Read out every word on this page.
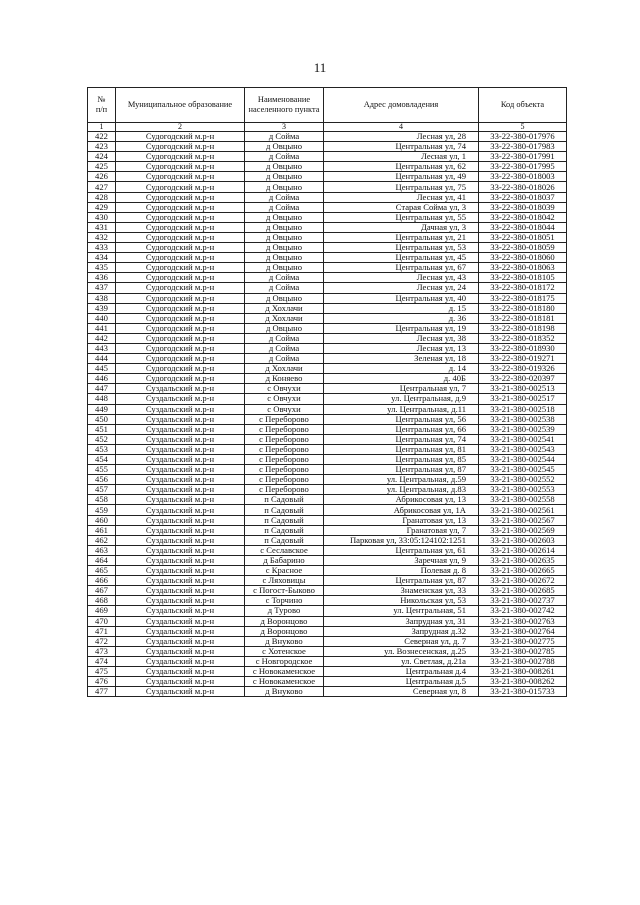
11
№
п/п	Муниципальное образование	Наименование населенного пункта	Адрес домовладения	Код объекта
1	2	3	4	5
422	Судогодский м.р-н	д Сойма	Лесная ул, 28	33-22-380-017976
423	Судогодский м.р-н	д Овцыно	Центральная ул, 74	33-22-380-017983
424	Судогодский м.р-н	д Сойма	Лесная ул, 1	33-22-380-017991
425	Судогодский м.р-н	д Овцыно	Центральная ул, 62	33-22-380-017995
426	Судогодский м.р-н	д Овцыно	Центральная ул, 49	33-22-380-018003
427	Судогодский м.р-н	д Овцыно	Центральная ул, 75	33-22-380-018026
428	Судогодский м.р-н	д Сойма	Лесная ул, 41	33-22-380-018037
429	Судогодский м.р-н	д Сойма	Старая Сойма ул, 3	33-22-380-018039
430	Судогодский м.р-н	д Овцыно	Центральная ул, 55	33-22-380-018042
431	Судогодский м.р-н	д Овцыно	Дачная ул, 3	33-22-380-018044
432	Судогодский м.р-н	д Овцыно	Центральная ул, 21	33-22-380-018051
433	Судогодский м.р-н	д Овцыно	Центральная ул, 53	33-22-380-018059
434	Судогодский м.р-н	д Овцыно	Центральная ул, 45	33-22-380-018060
435	Судогодский м.р-н	д Овцыно	Центральная ул, 67	33-22-380-018063
436	Судогодский м.р-н	д Сойма	Лесная ул, 43	33-22-380-018105
437	Судогодский м.р-н	д Сойма	Лесная ул, 24	33-22-380-018172
438	Судогодский м.р-н	д Овцыно	Центральная ул, 40	33-22-380-018175
439	Судогодский м.р-н	д Хохлачи	д. 15	33-22-380-018180
440	Судогодский м.р-н	д Хохлачи	д. 36	33-22-380-018181
441	Судогодский м.р-н	д Овцыно	Центральная ул, 19	33-22-380-018198
442	Судогодский м.р-н	д Сойма	Лесная ул, 38	33-22-380-018352
443	Судогодский м.р-н	д Сойма	Лесная ул, 13	33-22-380-018930
444	Судогодский м.р-н	д Сойма	Зеленая ул, 18	33-22-380-019271
445	Судогодский м.р-н	д Хохлачи	д. 14	33-22-380-019326
446	Судогодский м.р-н	д Коняево	д. 40Б	33-22-380-020397
447	Суздальский м.р-н	с Овчухи	Центральная ул, 7	33-21-380-002513
448	Суздальский м.р-н	с Овчухи	ул. Центральная, д.9	33-21-380-002517
449	Суздальский м.р-н	с Овчухи	ул. Центральная, д.11	33-21-380-002518
450	Суздальский м.р-н	с Переборово	Центральная ул, 56	33-21-380-002538
451	Суздальский м.р-н	с Переборово	Центральная ул, 66	33-21-380-002539
452	Суздальский м.р-н	с Переборово	Центральная ул, 74	33-21-380-002541
453	Суздальский м.р-н	с Переборово	Центральная ул, 81	33-21-380-002543
454	Суздальский м.р-н	с Переборово	Центральная ул, 85	33-21-380-002544
455	Суздальский м.р-н	с Переборово	Центральная ул, 87	33-21-380-002545
456	Суздальский м.р-н	с Переборово	ул. Центральная, д.59	33-21-380-002552
457	Суздальский м.р-н	с Переборово	ул. Центральная, д.83	33-21-380-002553
458	Суздальский м.р-н	п Садовый	Абрикосовая ул, 13	33-21-380-002558
459	Суздальский м.р-н	п Садовый	Абрикосовая ул, 1А	33-21-380-002561
460	Суздальский м.р-н	п Садовый	Гранатовая ул, 13	33-21-380-002567
461	Суздальский м.р-н	п Садовый	Гранатовая ул, 7	33-21-380-002569
462	Суздальский м.р-н	п Садовый	Парковая ул, 33:05:124102:1251	33-21-380-002603
463	Суздальский м.р-н	с Сеславское	Центральная ул, 61	33-21-380-002614
464	Суздальский м.р-н	д Бабарино	Заречная ул, 9	33-21-380-002635
465	Суздальский м.р-н	с Красное	Полевая д. 8	33-21-380-002665
466	Суздальский м.р-н	с Ляховицы	Центральная ул, 87	33-21-380-002672
467	Суздальский м.р-н	с Погост-Быково	Знаменская ул, 33	33-21-380-002685
468	Суздальский м.р-н	с Торчино	Никольская ул, 53	33-21-380-002737
469	Суздальский м.р-н	д Турово	ул. Центральная, 51	33-21-380-002742
470	Суздальский м.р-н	д Воронцово	Запрудная ул, 31	33-21-380-002763
471	Суздальский м.р-н	д Воронцово	Запрудная д.32	33-21-380-002764
472	Суздальский м.р-н	д Внуково	Северная ул, д. 7	33-21-380-002775
473	Суздальский м.р-н	с Хотенское	ул. Вознесенская, д.25	33-21-380-002785
474	Суздальский м.р-н	с Новгородское	ул. Светлая, д.21а	33-21-380-002788
475	Суздальский м.р-н	с Новокаменское	Центральная д.4	33-21-380-008261
476	Суздальский м.р-н	с Новокаменское	Центральная д.5	33-21-380-008262
477	Суздальский м.р-н	д Внуково	Северная ул, 8	33-21-380-015733
